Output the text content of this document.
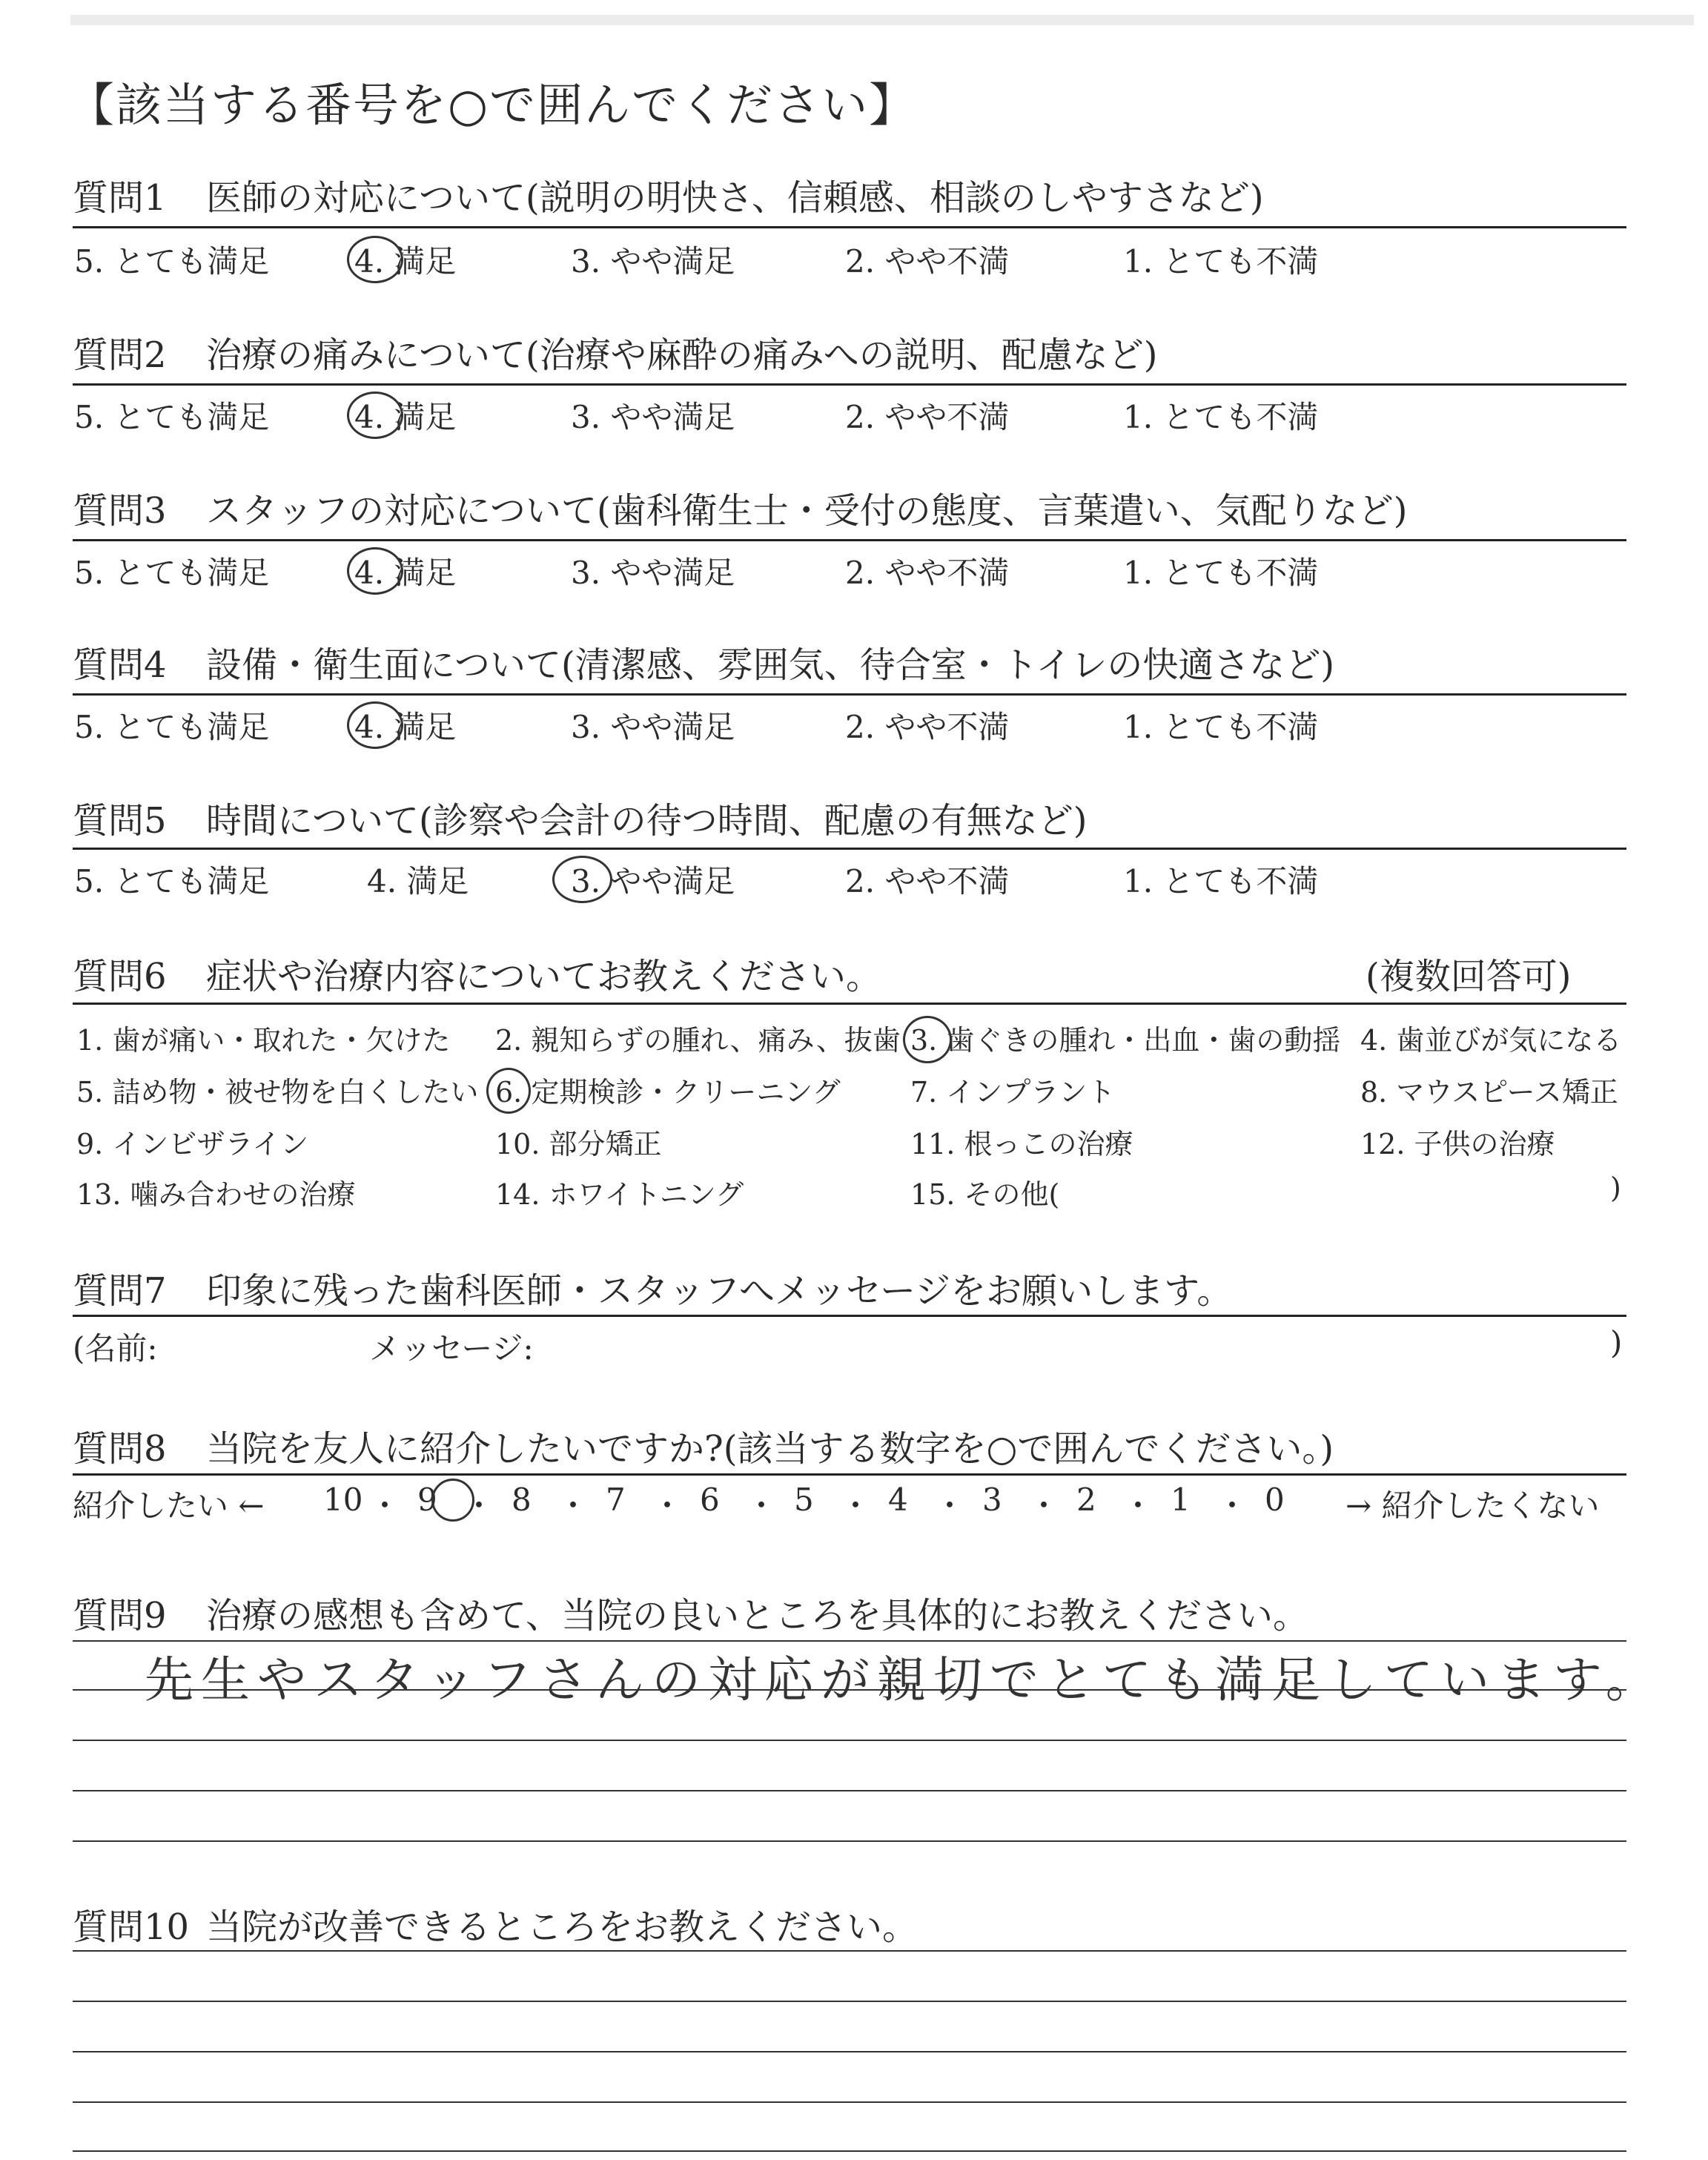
【該当する番号を○で囲んでください】
質問1 医師の対応について(説明の明快さ、信頼感、相談のしやすさなど)
5. とても満足	4. 満足	3. やや満足	2. やや不満	1. とても不満
質問2 治療の痛みについて(治療や麻酔の痛みへの説明、配慮など)
5. とても満足	4. 満足	3. やや満足	2. やや不満	1. とても不満
質問3 スタッフの対応について(歯科衛生士・受付の態度、言葉遣い、気配りなど)
5. とても満足	4. 満足	3. やや満足	2. やや不満	1. とても不満
質問4 設備・衛生面について(清潔感、雰囲気、待合室・トイレの快適さなど)
5. とても満足	4. 満足	3. やや満足	2. やや不満	1. とても不満
質問5 時間について(診察や会計の待つ時間、配慮の有無など)
5. とても満足	4. 満足	3. やや満足	2. やや不満	1. とても不満
質問6 症状や治療内容についてお教えください。	(複数回答可)
1. 歯が痛い・取れた・欠けた 2. 親知らずの腫れ、痛み、抜歯 3. 歯ぐきの腫れ・出血・歯の動揺 4. 歯並びが気になる
5. 詰め物・被せ物を白くしたい 6. 定期検診・クリーニング 7. インプラント	8. マウスピース矯正
9. インビザライン	10. 部分矯正	11. 根っこの治療	12. 子供の治療
13. 噛み合わせの治療	14. ホワイトニング	15. その他(	)
質問7 印象に残った歯科医師・スタッフへメッセージをお願いします。
(名前:	メッセージ:	)
質問8 当院を友人に紹介したいですか?(該当する数字を○で囲んでください。)
紹介したい ←	→ 紹介したくない
10 ・ 9 ・ 8 ・ 7 ・ 6 ・ 5 ・ 4 ・ 3 ・ 2 ・ 1 ・ 0
質問9 治療の感想も含めて、当院の良いところを具体的にお教えください。
先生やスタッフさんの対応が親切でとても満足しています。
質問10 当院が改善できるところをお教えください。
